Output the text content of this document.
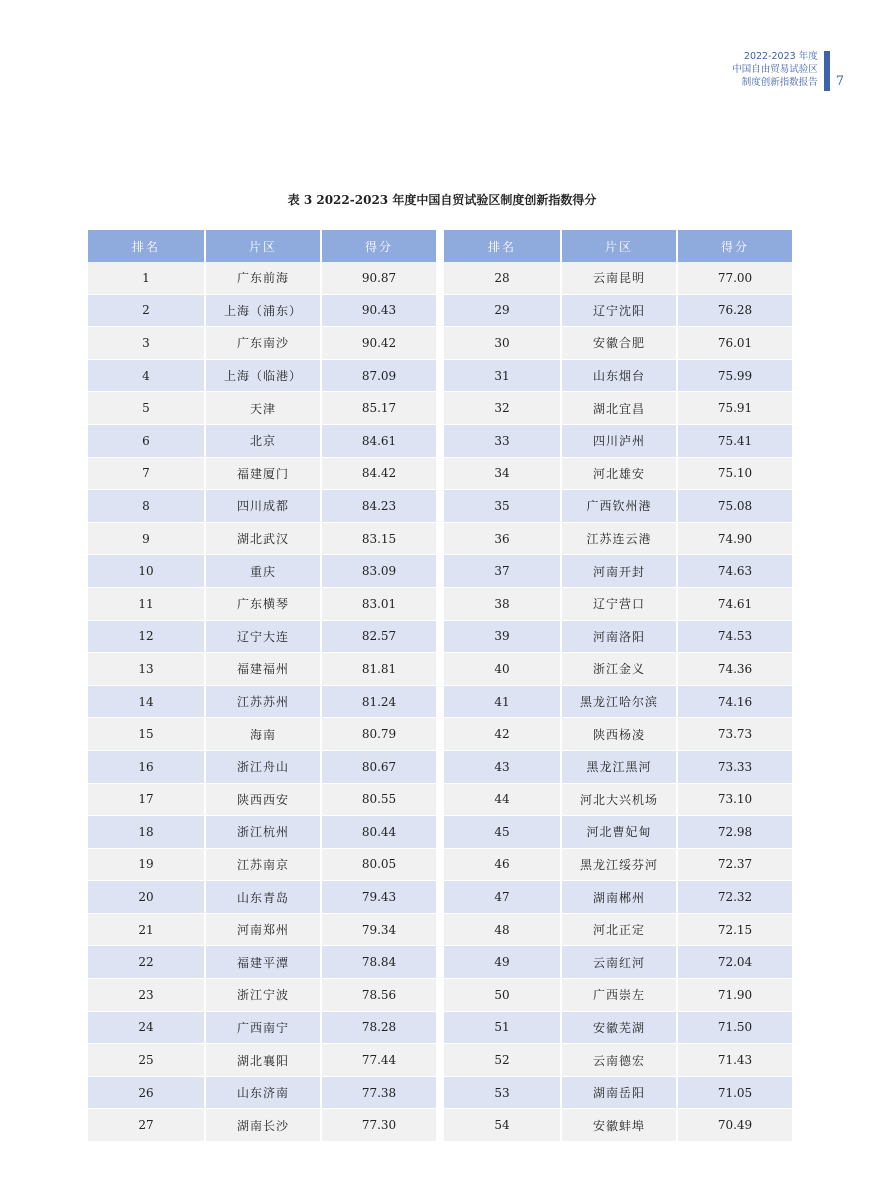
2022-2023 年度
中国自由贸易试验区
制度创新指数报告 7
表 3 2022-2023 年度中国自贸试验区制度创新指数得分
排名	片区	得分
1	广东前海	90.87
2	上海（浦东）	90.43
3	广东南沙	90.42
4	上海（临港）	87.09
5	天津	85.17
6	北京	84.61
7	福建厦门	84.42
8	四川成都	84.23
9	湖北武汉	83.15
10	重庆	83.09
11	广东横琴	83.01
12	辽宁大连	82.57
13	福建福州	81.81
14	江苏苏州	81.24
15	海南	80.79
16	浙江舟山	80.67
17	陕西西安	80.55
18	浙江杭州	80.44
19	江苏南京	80.05
20	山东青岛	79.43
21	河南郑州	79.34
22	福建平潭	78.84
23	浙江宁波	78.56
24	广西南宁	78.28
25	湖北襄阳	77.44
26	山东济南	77.38
27	湖南长沙	77.30
排名	片区	得分
28	云南昆明	77.00
29	辽宁沈阳	76.28
30	安徽合肥	76.01
31	山东烟台	75.99
32	湖北宜昌	75.91
33	四川泸州	75.41
34	河北雄安	75.10
35	广西钦州港	75.08
36	江苏连云港	74.90
37	河南开封	74.63
38	辽宁营口	74.61
39	河南洛阳	74.53
40	浙江金义	74.36
41	黑龙江哈尔滨	74.16
42	陕西杨凌	73.73
43	黑龙江黑河	73.33
44	河北大兴机场	73.10
45	河北曹妃甸	72.98
46	黑龙江绥芬河	72.37
47	湖南郴州	72.32
48	河北正定	72.15
49	云南红河	72.04
50	广西崇左	71.90
51	安徽芜湖	71.50
52	云南德宏	71.43
53	湖南岳阳	71.05
54	安徽蚌埠	70.49
